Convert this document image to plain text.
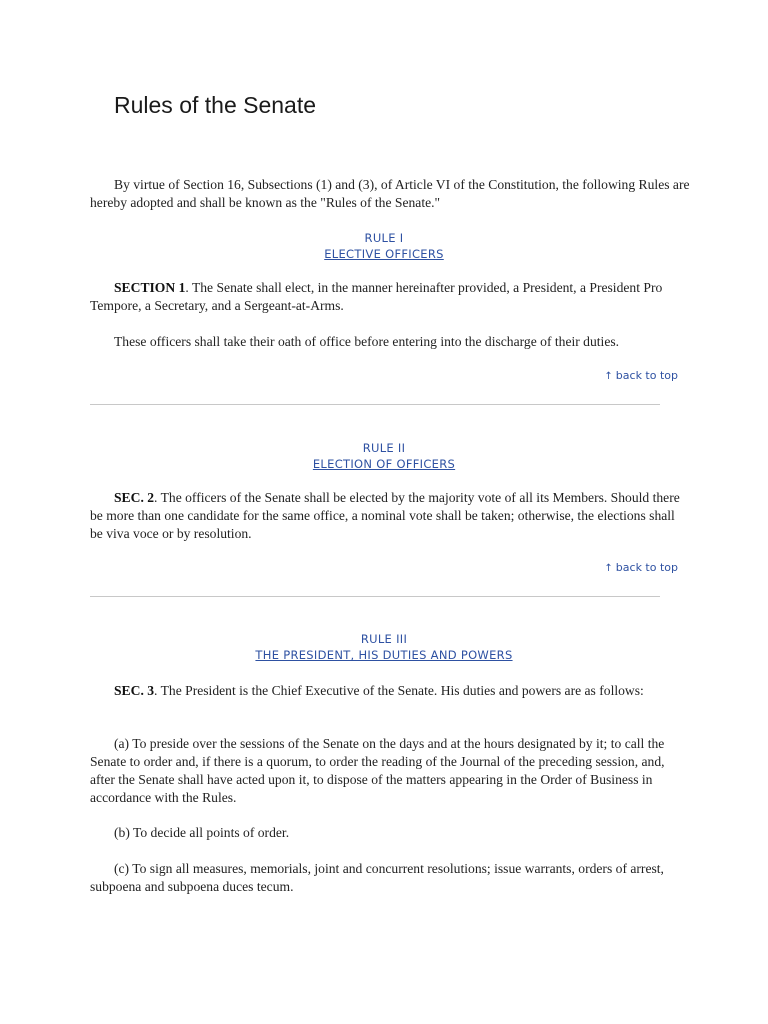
Rules of the Senate

By virtue of Section 16, Subsections (1) and (3), of Article VI of the Constitution, the following Rules are hereby adopted and shall be known as the "Rules of the Senate."

RULE I
ELECTIVE OFFICERS

SECTION 1. The Senate shall elect, in the manner hereinafter provided, a President, a President Pro Tempore, a Secretary, and a Sergeant-at-Arms.

These officers shall take their oath of office before entering into the discharge of their duties.

↑ back to top
RULE II
ELECTION OF OFFICERS

SEC. 2. The officers of the Senate shall be elected by the majority vote of all its Members. Should there be more than one candidate for the same office, a nominal vote shall be taken; otherwise, the elections shall be viva voce or by resolution.

↑ back to top
RULE III
THE PRESIDENT, HIS DUTIES AND POWERS

SEC. 3. The President is the Chief Executive of the Senate. His duties and powers are as follows:

(a) To preside over the sessions of the Senate on the days and at the hours designated by it; to call the Senate to order and, if there is a quorum, to order the reading of the Journal of the preceding session, and, after the Senate shall have acted upon it, to dispose of the matters appearing in the Order of Business in accordance with the Rules.

(b) To decide all points of order.

(c) To sign all measures, memorials, joint and concurrent resolutions; issue warrants, orders of arrest, subpoena and subpoena duces tecum.
